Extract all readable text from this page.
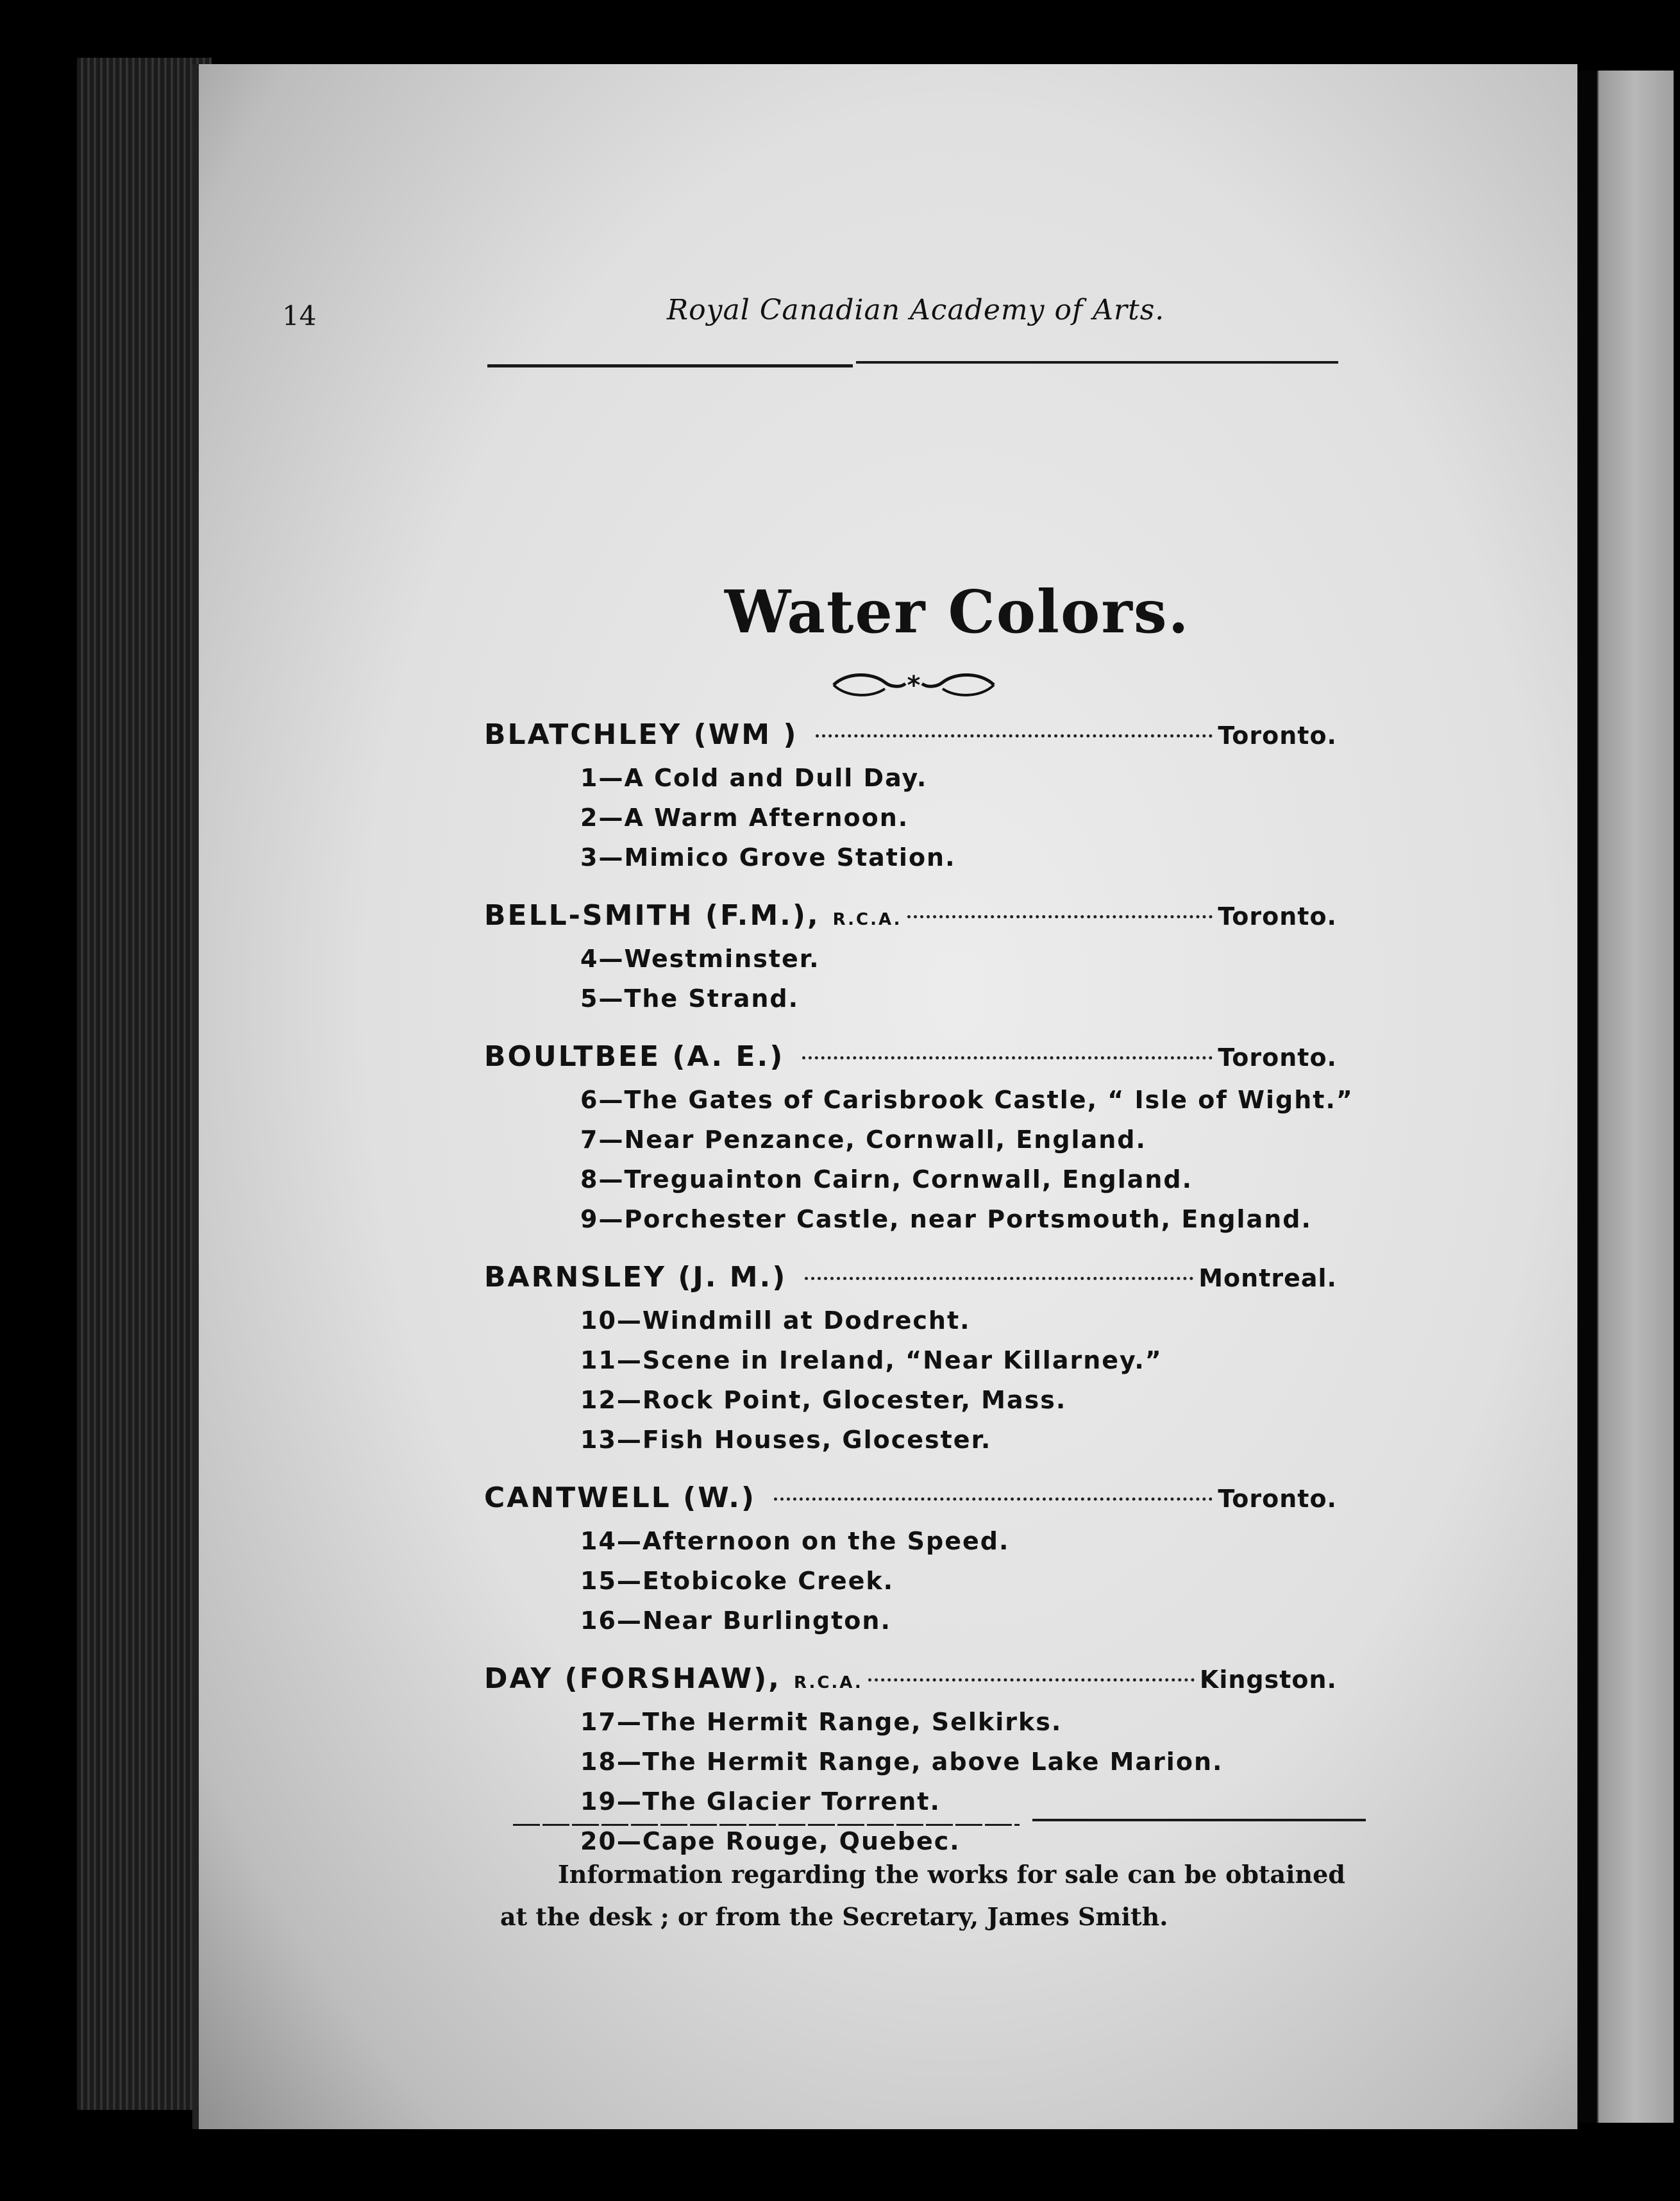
14	Royal Canadian Academy of Arts.
Water Colors.
*
BLATCHLEY (WM )	Toronto.
1—A Cold and Dull Day.
2—A Warm Afternoon.
3—Mimico Grove Station.
BELL-SMITH (F.M.), R.C.A.	Toronto.
4—Westminster.
5—The Strand.
BOULTBEE (A. E.)	Toronto.
6—The Gates of Carisbrook Castle, “ Isle of Wight.”
7—Near Penzance, Cornwall, England.
8—Treguainton Cairn, Cornwall, England.
9—Porchester Castle, near Portsmouth, England.
BARNSLEY (J. M.)	Montreal.
10—Windmill at Dodrecht.
11—Scene in Ireland, “Near Killarney.”
12—Rock Point, Glocester, Mass.
13—Fish Houses, Glocester.
CANTWELL (W.)	Toronto.
14—Afternoon on the Speed.
15—Etobicoke Creek.
16—Near Burlington.
DAY (FORSHAW), R.C.A.	Kingston.
17—The Hermit Range, Selkirks.
18—The Hermit Range, above Lake Marion.
19—The Glacier Torrent.
20—Cape Rouge, Quebec.
Information regarding the works for sale can be obtained at the desk ; or from the Secretary, James Smith.
